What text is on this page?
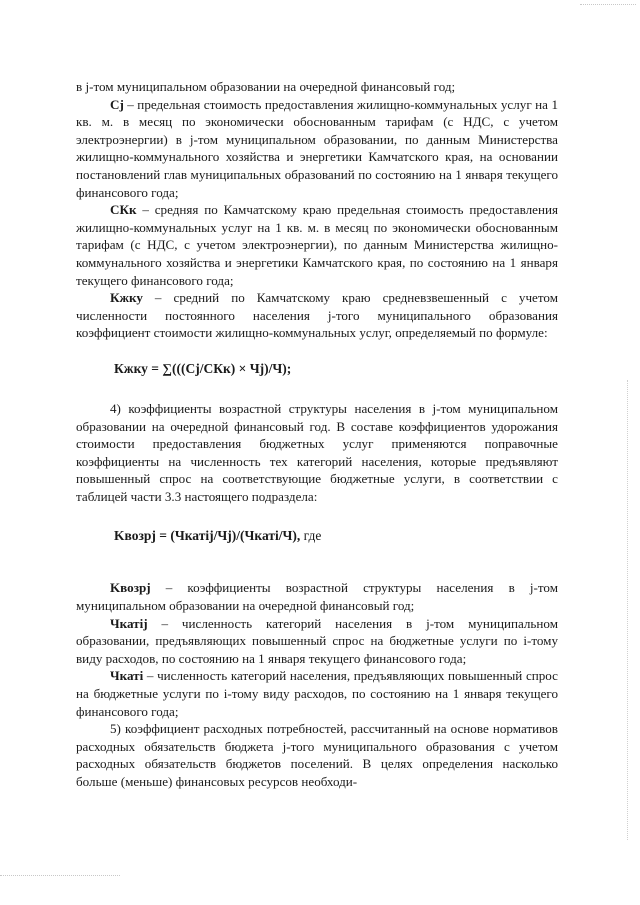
в j-том муниципальном образовании на очередной финансовый год;

Cj – предельная стоимость предоставления жилищно-коммунальных услуг на 1 кв. м. в месяц по экономически обоснованным тарифам (с НДС, с учетом электроэнергии) в j-том муниципальном образовании, по данным Министерства жилищно-коммунального хозяйства и энергетики Камчатского края, на основании постановлений глав муниципальных образований по состоянию на 1 января текущего финансового года;

CКк – средняя по Камчатскому краю предельная стоимость предоставления жилищно-коммунальных услуг на 1 кв. м. в месяц по экономически обоснованным тарифам (с НДС, с учетом электроэнергии), по данным Министерства жилищно-коммунального хозяйства и энергетики Камчатского края, по состоянию на 1 января текущего финансового года;

Кжку – средний по Камчатскому краю средневзвешенный с учетом численности постоянного населения j-того муниципального образования коэффициент стоимости жилищно-коммунальных услуг, определяемый по формуле:

Кжку = ∑(((Cj/CКк) × Чj)/Ч);

4) коэффициенты возрастной структуры населения в j-том муниципальном образовании на очередной финансовый год. В составе коэффициентов удорожания стоимости предоставления бюджетных услуг применяются поправочные коэффициенты на численность тех категорий населения, которые предъявляют повышенный спрос на соответствующие бюджетные услуги, в соответствии с таблицей части 3.3 настоящего подраздела:

Kвозрj = (Чкатij/Чj)/(Чкатi/Ч), где

Kвозрj – коэффициенты возрастной структуры населения в j-том муниципальном образовании на очередной финансовый год;

Чкатij – численность категорий населения в j-том муниципальном образовании, предъявляющих повышенный спрос на бюджетные услуги по i-тому виду расходов, по состоянию на 1 января текущего финансового года;

Чкатi – численность категорий населения, предъявляющих повышенный спрос на бюджетные услуги по i-тому виду расходов, по состоянию на 1 января текущего финансового года;

5) коэффициент расходных потребностей, рассчитанный на основе нормативов расходных обязательств бюджета j-того муниципального образования с учетом расходных обязательств бюджетов поселений. В целях определения насколько больше (меньше) финансовых ресурсов необходи-
